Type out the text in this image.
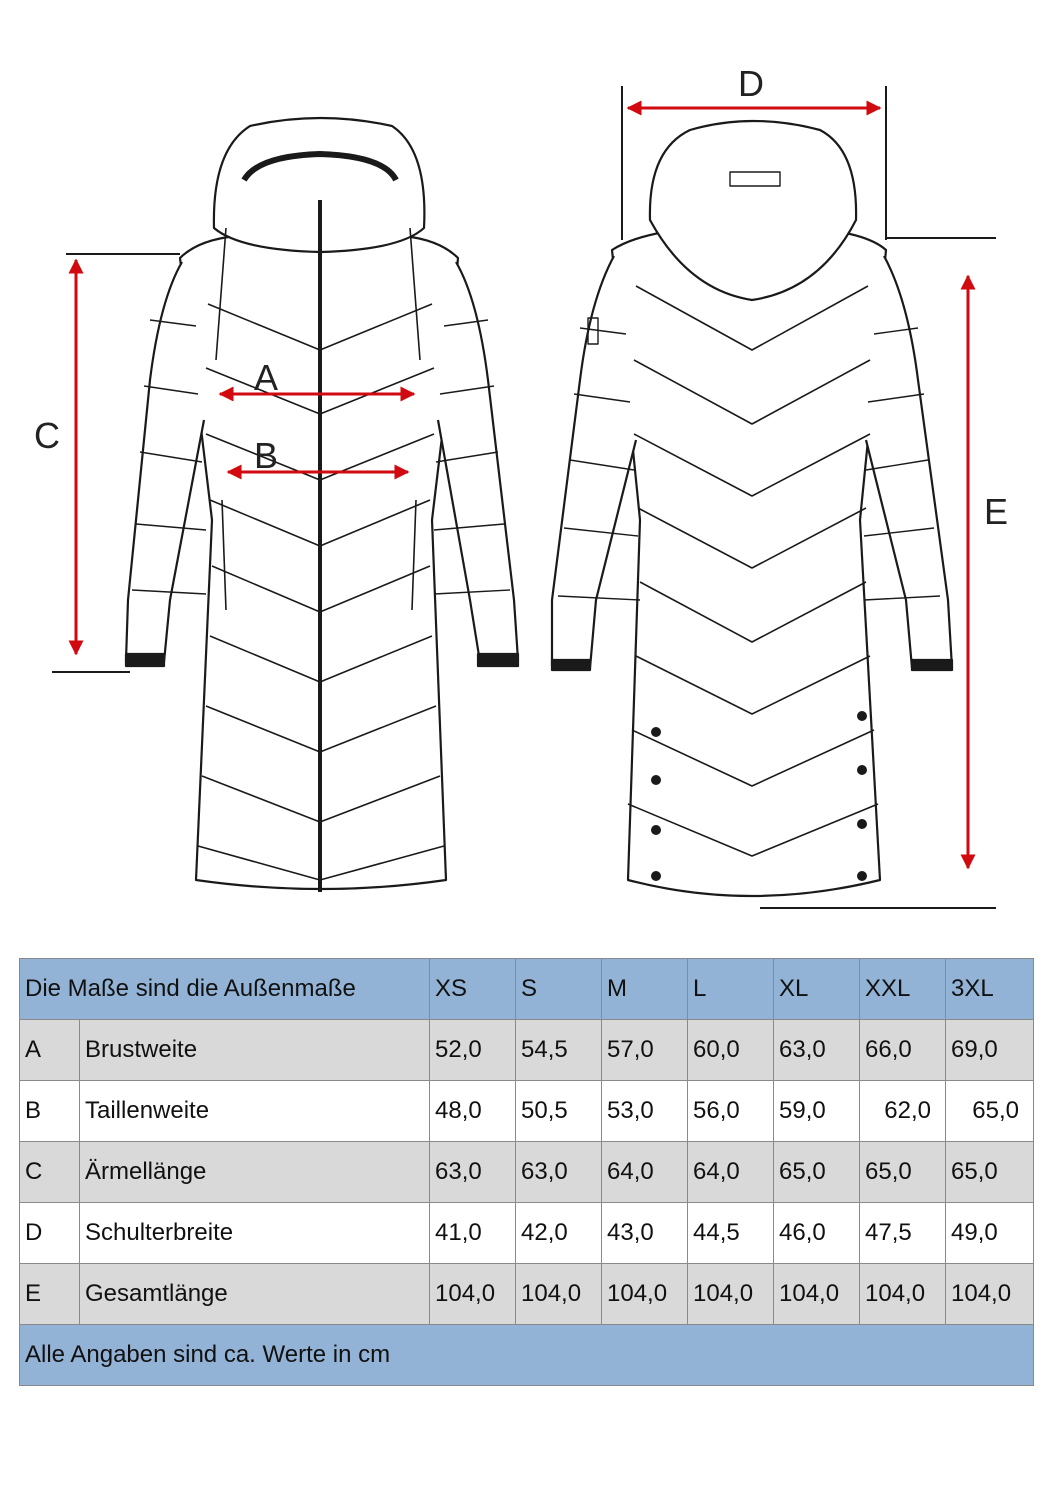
A
B
C
D
E
Die Maße sind die Außenmaße		XS	S	M	L	XL	XXL	3XL
A	Brustweite	52,0	54,5	57,0	60,0	63,0	66,0	69,0
B	Taillenweite	48,0	50,5	53,0	56,0	59,0	62,0	65,0
C	Ärmellänge	63,0	63,0	64,0	64,0	65,0	65,0	65,0
D	Schulterbreite	41,0	42,0	43,0	44,5	46,0	47,5	49,0
E	Gesamtlänge	104,0	104,0	104,0	104,0	104,0	104,0	104,0
Alle Angaben sind ca. Werte in cm								
